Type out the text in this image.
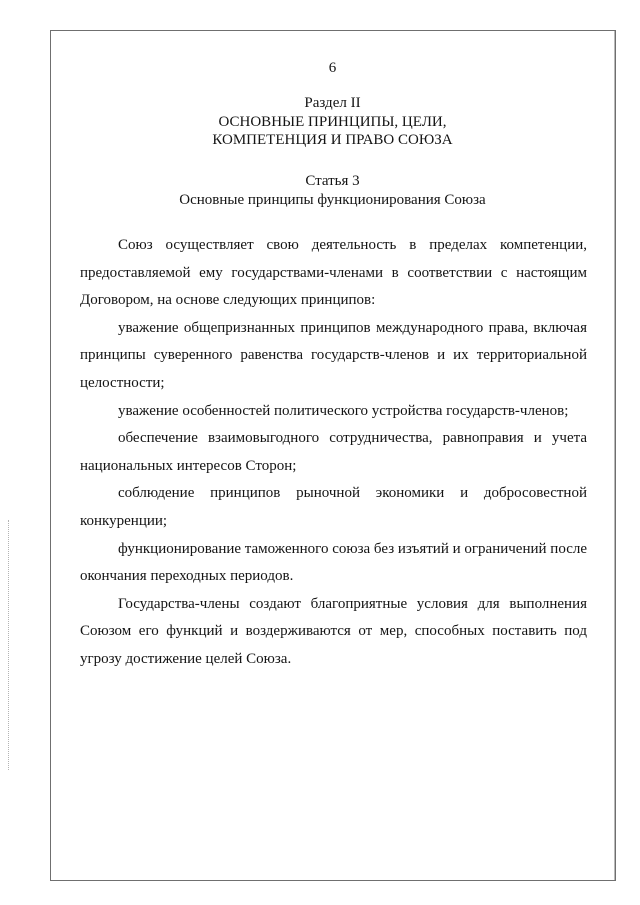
6
Раздел II
ОСНОВНЫЕ ПРИНЦИПЫ, ЦЕЛИ,
КОМПЕТЕНЦИЯ И ПРАВО СОЮЗА
Статья 3
Основные принципы функционирования Союза

Союз осуществляет свою деятельность в пределах компетенции, предоставляемой ему государствами-членами в соответствии с настоящим Договором, на основе следующих принципов:

уважение общепризнанных принципов международного права, включая принципы суверенного равенства государств-членов и их территориальной целостности;

уважение особенностей политического устройства государств-членов;

обеспечение взаимовыгодного сотрудничества, равноправия и учета национальных интересов Сторон;

соблюдение принципов рыночной экономики и добросовестной конкуренции;

функционирование таможенного союза без изъятий и ограничений после окончания переходных периодов.

Государства-члены создают благоприятные условия для выполнения Союзом его функций и воздерживаются от мер, способных поставить под угрозу достижение целей Союза.
